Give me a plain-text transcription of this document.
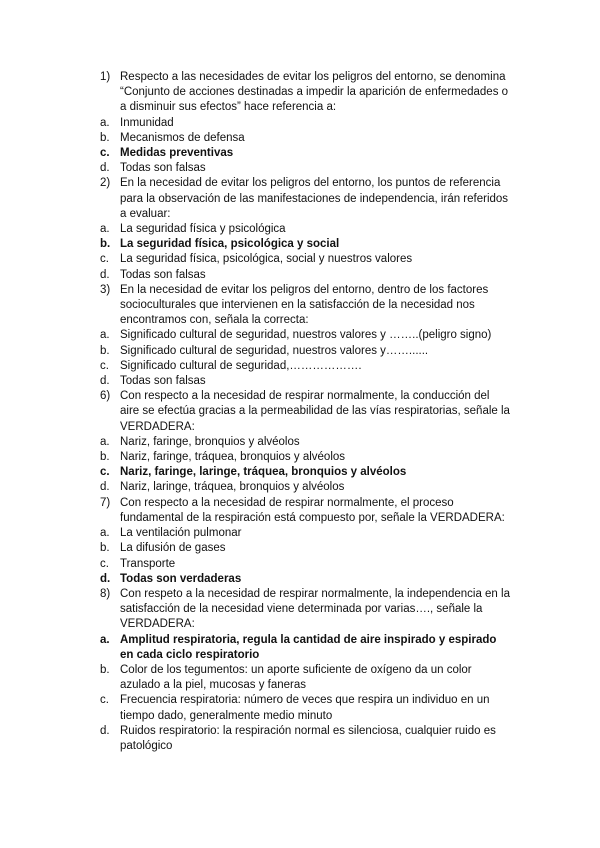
1) Respecto a las necesidades de evitar los peligros del entorno, se denomina “Conjunto de acciones destinadas a impedir la aparición de enfermedades o a disminuir sus efectos” hace referencia a:
a. Inmunidad
b. Mecanismos de defensa
c. Medidas preventivas
d. Todas son falsas
2) En la necesidad de evitar los peligros del entorno, los puntos de referencia para la observación de las manifestaciones de independencia, irán referidos a evaluar:
a. La seguridad física y psicológica
b. La seguridad física, psicológica y social
c. La seguridad física, psicológica, social y nuestros valores
d. Todas son falsas
3) En la necesidad de evitar los peligros del entorno, dentro de los factores socioculturales que intervienen en la satisfacción de la necesidad nos encontramos con, señala la correcta:
a. Significado cultural de seguridad, nuestros valores y ……..(peligro signo)
b. Significado cultural de seguridad, nuestros valores y……......
c. Significado cultural de seguridad,……………….
d. Todas son falsas
6) Con respecto a la necesidad de respirar normalmente, la conducción del aire se efectúa gracias a la permeabilidad de las vías respiratorias, señale la VERDADERA:
a. Nariz, faringe, bronquios y alvéolos
b. Nariz, faringe, tráquea, bronquios y alvéolos
c. Nariz, faringe, laringe, tráquea, bronquios y alvéolos
d. Nariz, laringe, tráquea, bronquios y alvéolos
7) Con respecto a la necesidad de respirar normalmente, el proceso fundamental de la respiración está compuesto por, señale la VERDADERA:
a. La ventilación pulmonar
b. La difusión de gases
c. Transporte
d. Todas son verdaderas
8) Con respeto a la necesidad de respirar normalmente, la independencia en la satisfacción de la necesidad viene determinada por varias…., señale la VERDADERA:
a. Amplitud respiratoria, regula la cantidad de aire inspirado y espirado en cada ciclo respiratorio
b. Color de los tegumentos: un aporte suficiente de oxígeno da un color azulado a la piel, mucosas y faneras
c. Frecuencia respiratoria: número de veces que respira un individuo en un tiempo dado, generalmente medio minuto
d. Ruidos respiratorio: la respiración normal es silenciosa, cualquier ruido es patológico
